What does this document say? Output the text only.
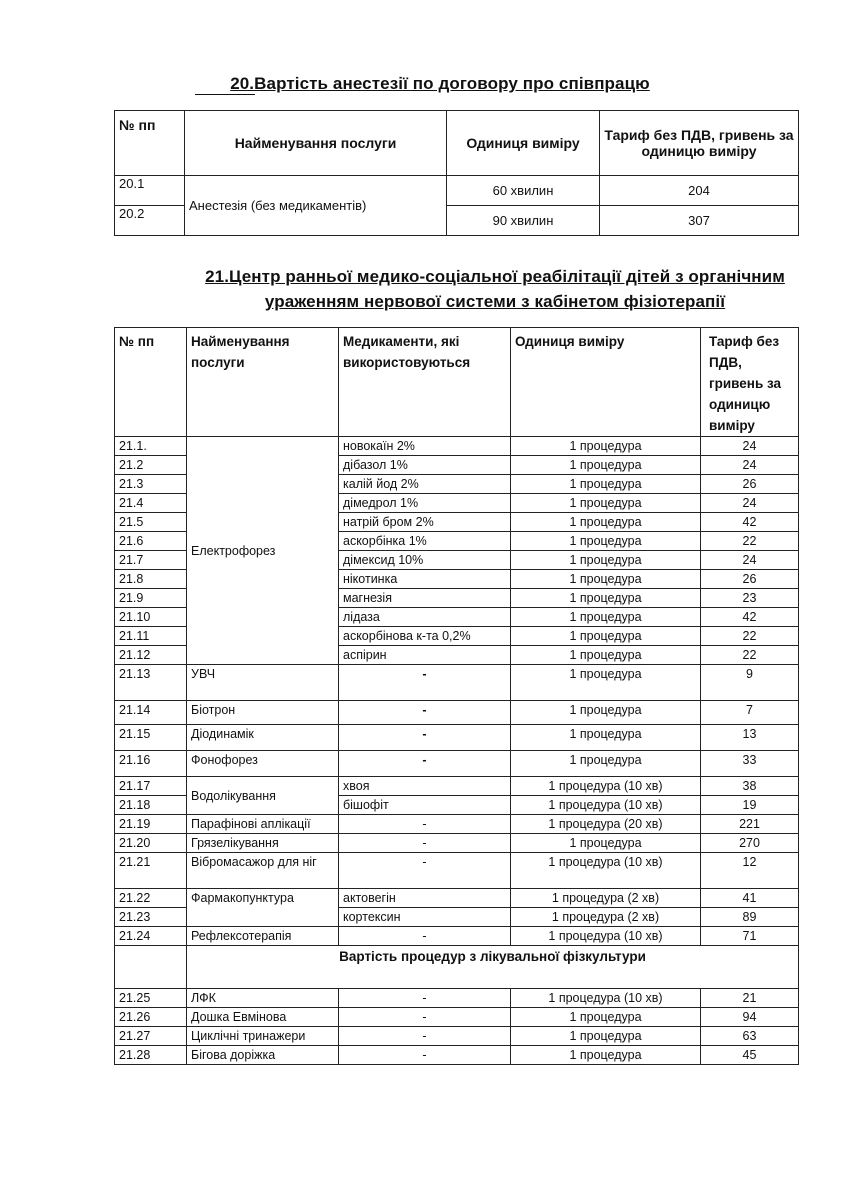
20.Вартість анестезії по договору про співпрацю
№ пп	Найменування послуги	Одиниця виміру	Тариф без ПДВ, гривень за одиницю виміру
20.1	Анестезія (без медикаментів)	60 хвилин	204
20.2		90 хвилин	307
21.Центр ранньої медико-соціальної реабілітації дітей з органічним
ураженням нервової системи з кабінетом фізіотерапії
№ пп	Найменування послуги	Медикаменти, які використовуються	Одиниця виміру	Тариф без ПДВ, гривень за одиницю виміру
21.1.	Електрофорез	новокаїн 2%	1 процедура	24
21.2		дібазол 1%	1 процедура	24
21.3		калій йод 2%	1 процедура	26
21.4		дімедрол 1%	1 процедура	24
21.5		натрій бром 2%	1 процедура	42
21.6		аскорбінка 1%	1 процедура	22
21.7		дімексид 10%	1 процедура	24
21.8		нікотинка	1 процедура	26
21.9		магнезія	1 процедура	23
21.10		лідаза	1 процедура	42
21.11		аскорбінова к-та 0,2%	1 процедура	22
21.12		аспірин	1 процедура	22
21.13	УВЧ	-	1 процедура	9
21.14	Біотрон	-	1 процедура	7
21.15	Діодинамік	-	1 процедура	13
21.16	Фонофорез	-	1 процедура	33
21.17	Водолікування	хвоя	1 процедура (10 хв)	38
21.18		бішофіт	1 процедура (10 хв)	19
21.19	Парафінові аплікації	-	1 процедура (20 хв)	221
21.20	Грязелікування	-	1 процедура	270
21.21	Вібромасажор для ніг	-	1 процедура (10 хв)	12
21.22	Фармакопунктура	актовегін	1 процедура (2 хв)	41
21.23		кортексин	1 процедура (2 хв)	89
21.24	Рефлексотерапія	-	1 процедура (10 хв)	71
	Вартість процедур з лікувальної фізкультури			
21.25	ЛФК	-	1 процедура (10 хв)	21
21.26	Дошка Евмінова	-	1 процедура	94
21.27	Циклічні тринажери	-	1 процедура	63
21.28	Бігова доріжка	-	1 процедура	45
